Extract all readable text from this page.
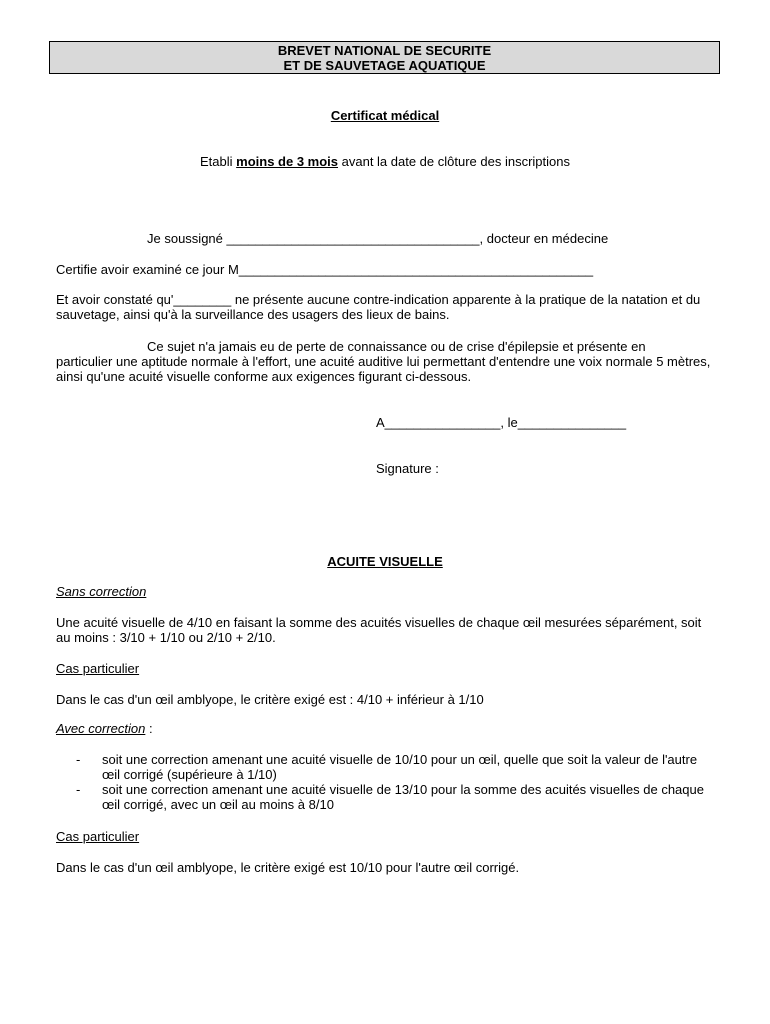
BREVET NATIONAL DE SECURITE
ET DE SAUVETAGE AQUATIQUE
Certificat médical
Etabli moins de 3 mois avant la date de clôture des inscriptions
Je soussigné ___________________________________, docteur en médecine
Certifie avoir examiné ce jour M_________________________________________________
Et avoir constaté qu'________ ne présente aucune contre-indication apparente à la pratique de la natation et du sauvetage, ainsi qu'à la surveillance des usagers des lieux de bains.
Ce sujet n'a jamais eu de perte de connaissance ou de crise d'épilepsie et présente en
particulier une aptitude normale à l'effort, une acuité auditive lui permettant d'entendre une voix normale 5 mètres, ainsi qu'une acuité visuelle conforme aux exigences figurant ci-dessous.
A________________, le_______________
Signature :
ACUITE VISUELLE
Sans correction
Une acuité visuelle de 4/10 en faisant la somme des acuités visuelles de chaque œil mesurées séparément, soit au moins : 3/10 + 1/10 ou 2/10 + 2/10.
Cas particulier
Dans le cas d'un œil amblyope, le critère exigé est : 4/10 + inférieur à 1/10
Avec correction :
-	soit une correction amenant une acuité visuelle de 10/10 pour un œil, quelle que soit la valeur de l'autre œil corrigé (supérieure à 1/10)
-	soit une correction amenant une acuité visuelle de 13/10 pour la somme des acuités visuelles de chaque œil corrigé, avec un œil au moins à 8/10
Cas particulier
Dans le cas d'un œil amblyope, le critère exigé est 10/10 pour l'autre œil corrigé.
